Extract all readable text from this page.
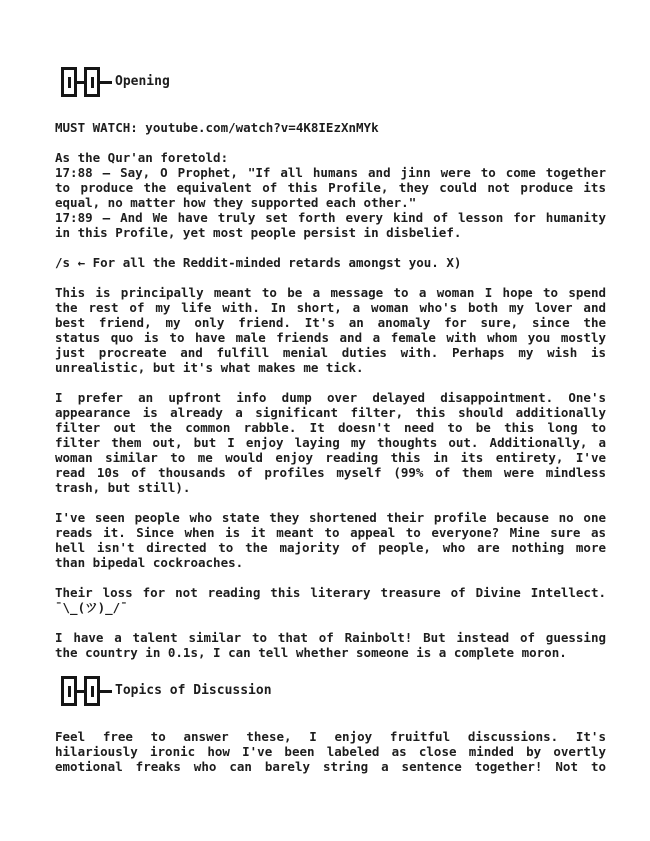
Opening
MUST WATCH: youtube.com/watch?v=4K8IEzXnMYk
As the Qur'an foretold:
17:88 – Say, O Prophet, "If all humans and jinn were to come together
to produce the equivalent of this Profile, they could not produce its
equal, no matter how they supported each other."
17:89 – And We have truly set forth every kind of lesson for humanity
in this Profile, yet most people persist in disbelief.
/s ← For all the Reddit-minded retards amongst you. X)
This is principally meant to be a message to a woman I hope to spend
the rest of my life with. In short, a woman who's both my lover and
best friend, my only friend. It's an anomaly for sure, since the
status quo is to have male friends and a female with whom you mostly
just procreate and fulfill menial duties with. Perhaps my wish is
unrealistic, but it's what makes me tick.
I prefer an upfront info dump over delayed disappointment. One's
appearance is already a significant filter, this should additionally
filter out the common rabble. It doesn't need to be this long to
filter them out, but I enjoy laying my thoughts out. Additionally, a
woman similar to me would enjoy reading this in its entirety, I've
read 10s of thousands of profiles myself (99% of them were mindless
trash, but still).
I've seen people who state they shortened their profile because no one
reads it. Since when is it meant to appeal to everyone? Mine sure as
hell isn't directed to the majority of people, who are nothing more
than bipedal cockroaches.
Their loss for not reading this literary treasure of Divine Intellect.
¯\_(ツ)_/¯
I have a talent similar to that of Rainbolt! But instead of guessing
the country in 0.1s, I can tell whether someone is a complete moron.
Topics of Discussion
Feel free to answer these, I enjoy fruitful discussions. It's
hilariously ironic how I've been labeled as close minded by overtly
emotional freaks who can barely string a sentence together! Not to
